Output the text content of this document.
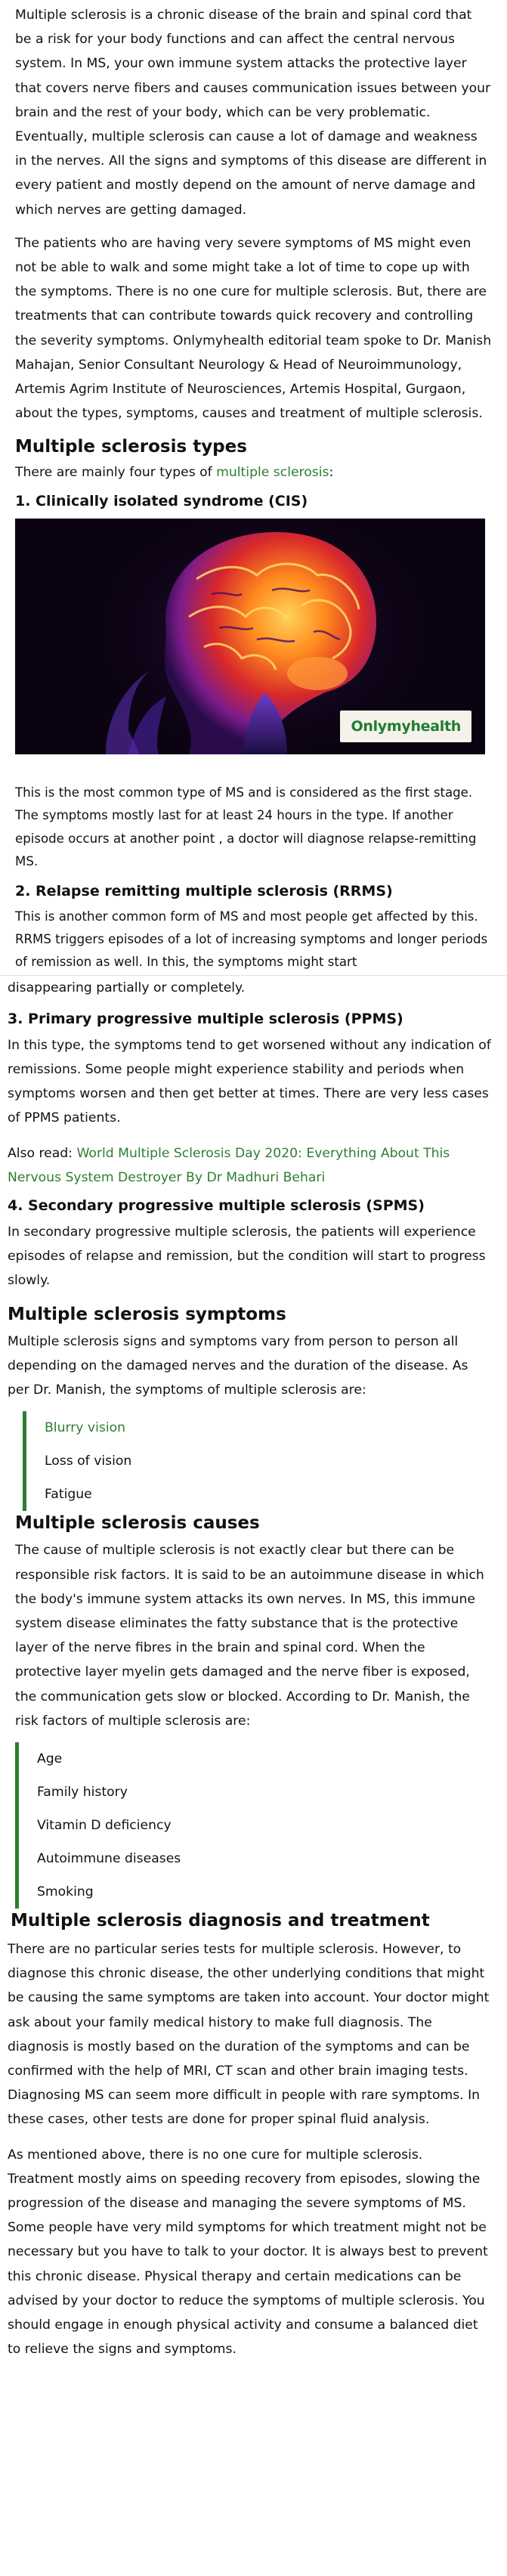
Multiple sclerosis is a chronic disease of the brain and spinal cord that be a risk for your body functions and can affect the central nervous system. In MS, your own immune system attacks the protective layer that covers nerve fibers and causes communication issues between your brain and the rest of your body, which can be very problematic. Eventually, multiple sclerosis can cause a lot of damage and weakness in the nerves. All the signs and symptoms of this disease are different in every patient and mostly depend on the amount of nerve damage and which nerves are getting damaged.

The patients who are having very severe symptoms of MS might even not be able to walk and some might take a lot of time to cope up with the symptoms. There is no one cure for multiple sclerosis. But, there are treatments that can contribute towards quick recovery and controlling the severity symptoms. Onlymyhealth editorial team spoke to Dr. Manish Mahajan, Senior Consultant Neurology & Head of Neuroimmunology, Artemis Agrim Institute of Neurosciences, Artemis Hospital, Gurgaon, about the types, symptoms, causes and treatment of multiple sclerosis.

Multiple sclerosis types

There are mainly four types of multiple sclerosis:

1. Clinically isolated syndrome (CIS)
Onlymyhealth

This is the most common type of MS and is considered as the first stage. The symptoms mostly last for at least 24 hours in the type. If another episode occurs at another point , a doctor will diagnose relapse-remitting MS.

2. Relapse remitting multiple sclerosis (RRMS)

This is another common form of MS and most people get affected by this. RRMS triggers episodes of a lot of increasing symptoms and longer periods of remission as well. In this, the symptoms might start

disappearing partially or completely.

3. Primary progressive multiple sclerosis (PPMS)

In this type, the symptoms tend to get worsened without any indication of remissions. Some people might experience stability and periods when symptoms worsen and then get better at times. There are very less cases of PPMS patients.

Also read: World Multiple Sclerosis Day 2020: Everything About This Nervous System Destroyer By Dr Madhuri Behari

4. Secondary progressive multiple sclerosis (SPMS)

In secondary progressive multiple sclerosis, the patients will experience episodes of relapse and remission, but the condition will start to progress slowly.

Multiple sclerosis symptoms

Multiple sclerosis signs and symptoms vary from person to person all depending on the damaged nerves and the duration of the disease. As per Dr. Manish, the symptoms of multiple sclerosis are:

Blurry vision
Loss of vision
Fatigue
Multiple sclerosis causes

The cause of multiple sclerosis is not exactly clear but there can be responsible risk factors. It is said to be an autoimmune disease in which the body's immune system attacks its own nerves. In MS, this immune system disease eliminates the fatty substance that is the protective layer of the nerve fibres in the brain and spinal cord. When the protective layer myelin gets damaged and the nerve fiber is exposed, the communication gets slow or blocked. According to Dr. Manish, the risk factors of multiple sclerosis are:

Age
Family history
Vitamin D deficiency
Autoimmune diseases
Smoking
Multiple sclerosis diagnosis and treatment

There are no particular series tests for multiple sclerosis. However, to diagnose this chronic disease, the other underlying conditions that might be causing the same symptoms are taken into account. Your doctor might ask about your family medical history to make full diagnosis. The diagnosis is mostly based on the duration of the symptoms and can be confirmed with the help of MRI, CT scan and other brain imaging tests. Diagnosing MS can seem more difficult in people with rare symptoms. In these cases, other tests are done for proper spinal fluid analysis.

As mentioned above, there is no one cure for multiple sclerosis. Treatment mostly aims on speeding recovery from episodes, slowing the progression of the disease and managing the severe symptoms of MS. Some people have very mild symptoms for which treatment might not be necessary but you have to talk to your doctor. It is always best to prevent this chronic disease. Physical therapy and certain medications can be advised by your doctor to reduce the symptoms of multiple sclerosis. You should engage in enough physical activity and consume a balanced diet to relieve the signs and symptoms.
